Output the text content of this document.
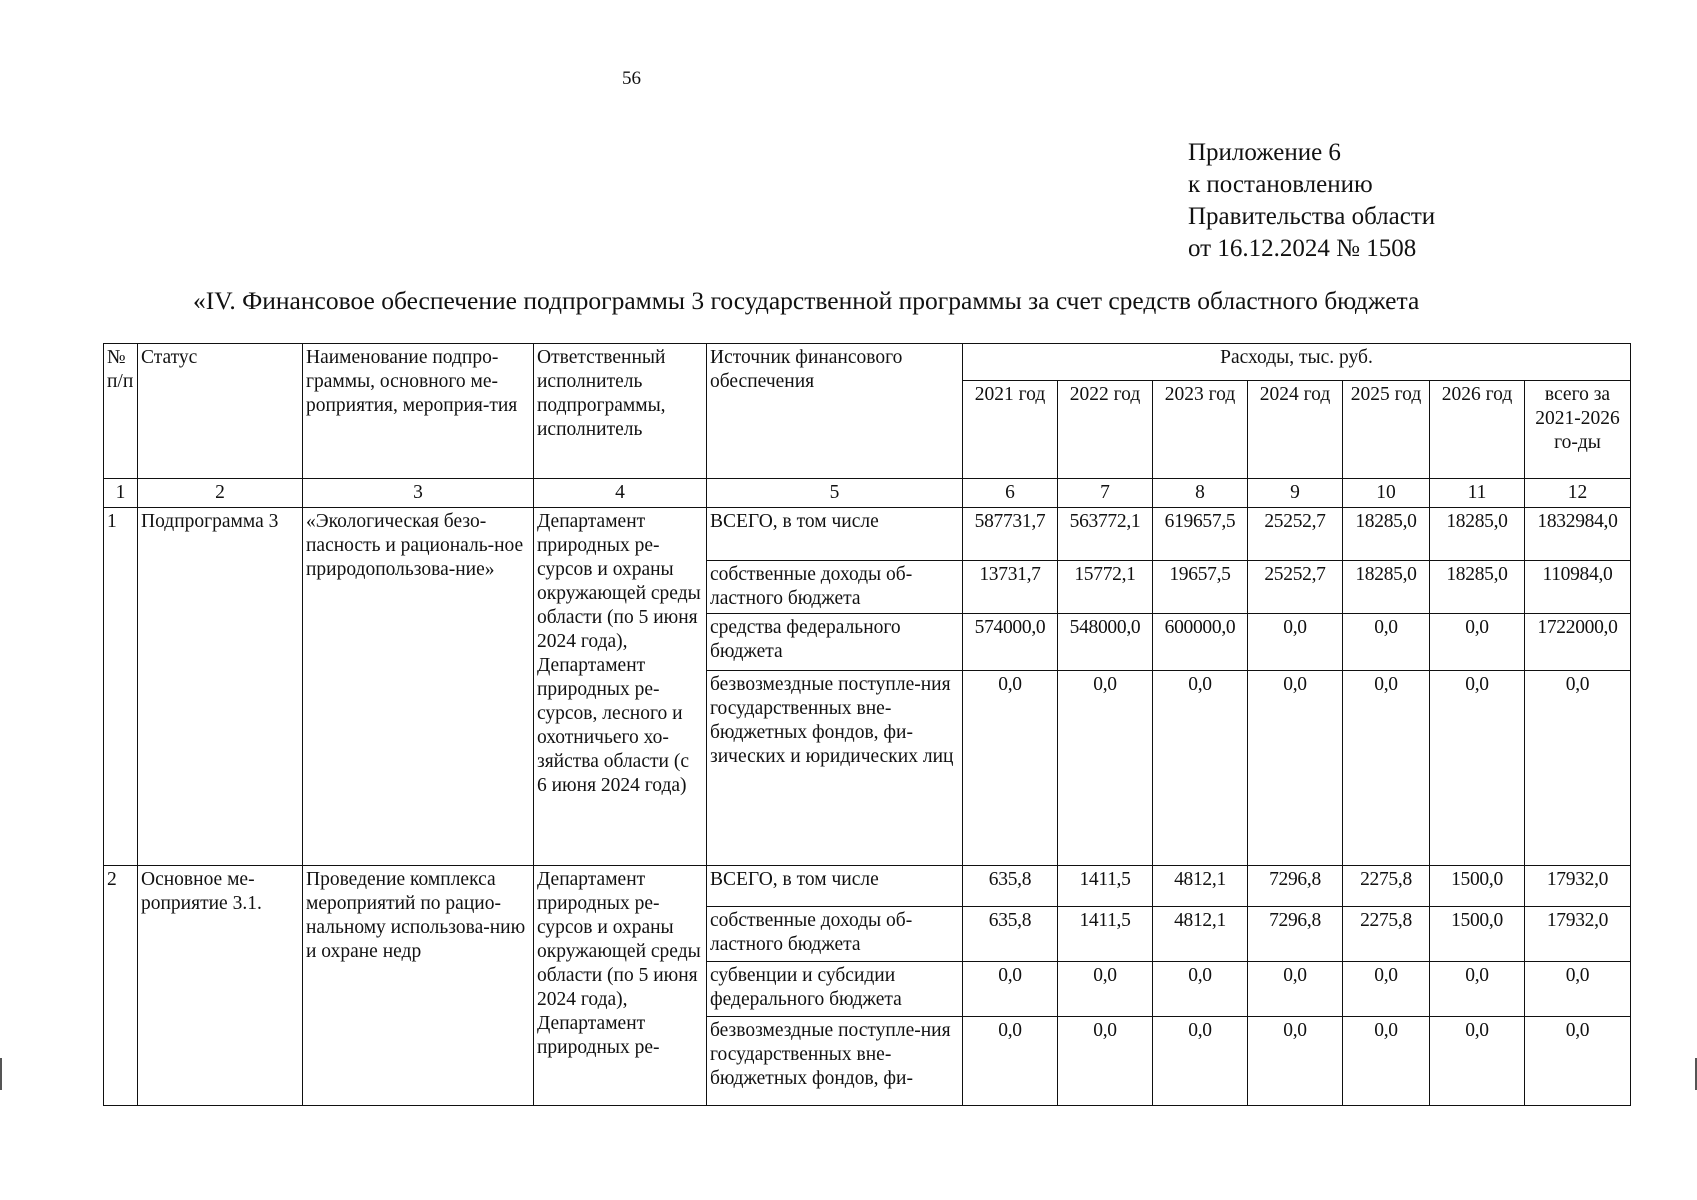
56
Приложение 6
к постановлению
Правительства области
от 16.12.2024 № 1508
«IV. Финансовое обеспечение подпрограммы 3 государственной программы за счет средств областного бюджета
№ п/п	Статус	Наименование подпро-граммы, основного ме-роприятия, мероприя-тия	Ответственный исполнитель подпрограммы, исполнитель	Источник финансового обеспечения	Расходы, тыс. руб.						
					2021 год	2022 год	2023 год	2024 год	2025 год	2026 год	всего за 2021-2026 го-ды
1	2	3	4	5	6	7	8	9	10	11	12
1	Подпрограмма 3	«Экологическая безо-пасность и рациональ-ное природопользова-ние»	Департамент природных ре-сурсов и охраны окружающей среды области (по 5 июня 2024 года), Департамент природных ре-сурсов, лесного и охотничьего хо-зяйства области (с 6 июня 2024 года)	ВСЕГО, в том числе	587731,7	563772,1	619657,5	25252,7	18285,0	18285,0	1832984,0
				собственные доходы об-ластного бюджета	13731,7	15772,1	19657,5	25252,7	18285,0	18285,0	110984,0
				средства федерального бюджета	574000,0	548000,0	600000,0	0,0	0,0	0,0	1722000,0
				безвозмездные поступле-ния государственных вне-бюджетных фондов, фи-зических и юридических лиц	0,0	0,0	0,0	0,0	0,0	0,0	0,0
2	Основное ме-роприятие 3.1.	Проведение комплекса мероприятий по рацио-нальному использова-нию и охране недр	Департамент природных ре-сурсов и охраны окружающей среды области (по 5 июня 2024 года), Департамент природных ре-	ВСЕГО, в том числе	635,8	1411,5	4812,1	7296,8	2275,8	1500,0	17932,0
				собственные доходы об-ластного бюджета	635,8	1411,5	4812,1	7296,8	2275,8	1500,0	17932,0
				субвенции и субсидии федерального бюджета	0,0	0,0	0,0	0,0	0,0	0,0	0,0
				безвозмездные поступле-ния государственных вне-бюджетных фондов, фи-	0,0	0,0	0,0	0,0	0,0	0,0	0,0
